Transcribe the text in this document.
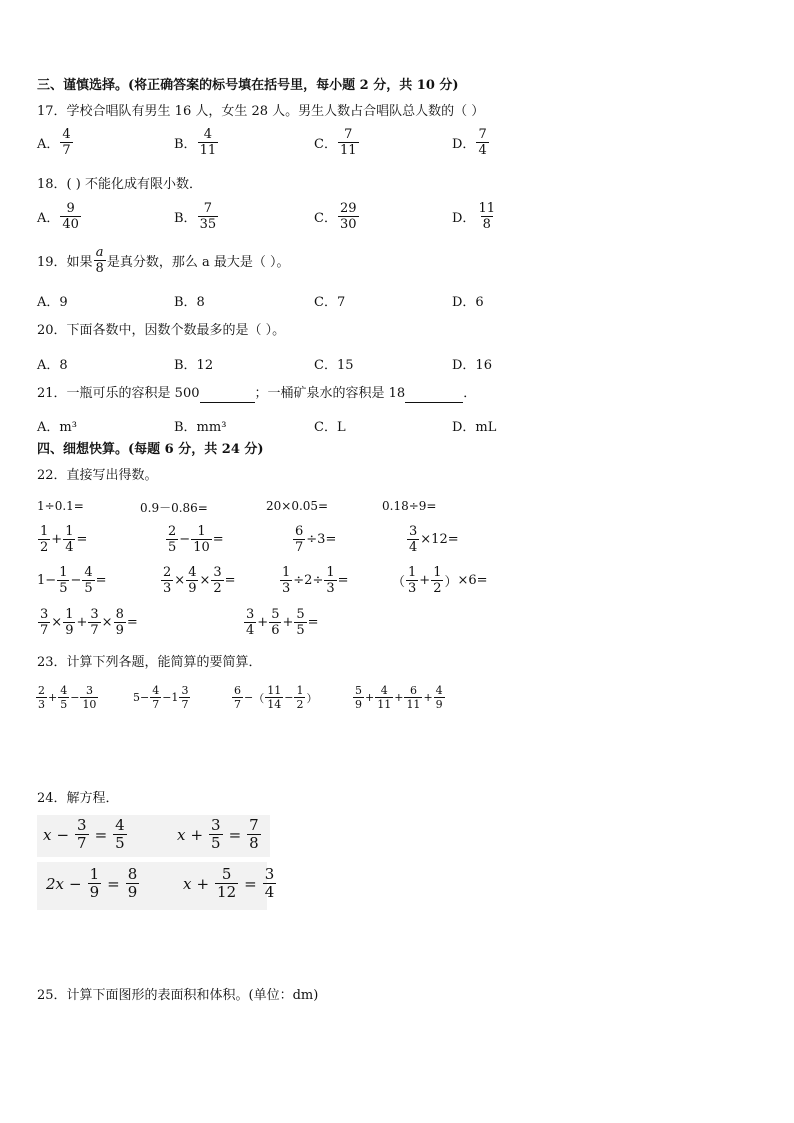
三、谨慎选择。(将正确答案的标号填在括号里，每小题 2 分，共 10 分)
17．学校合唱队有男生 16 人，女生 28 人。男生人数占合唱队总人数的（ ）
A． $\frac{4}{7}$	B． $\frac{4}{11}$	C． $\frac{7}{11}$	D． $\frac{7}{4}$
18．( ) 不能化成有限小数．
A． $\frac{9}{40}$	B． $\frac{7}{35}$	C． $\frac{29}{30}$	D． $\frac{11}{8}$
19．如果 $\frac{a}{8}$ 是真分数，那么 a 最大是（ ）。
A．9	B．8	C．7	D．6
20．下面各数中，因数个数最多的是（ ）。
A．8	B．12	C．15	D．16
21．一瓶可乐的容积是 500	；一桶矿泉水的容积是 18	．
A．m³	B．mm³	C．L	D．mL
四、细想快算。(每题 6 分，共 24 分)
22．直接写出得数。
1÷0.1=	0.9－0.86=	20×0.05=	0.18÷9=
$\frac{1}{2} + \frac{1}{4}$ =	$\frac{2}{5} - \frac{1}{10}$ =	$\frac{6}{7} \div 3=$	$\frac{3}{4} \times 12=$
$1 - \frac{1}{5} - \frac{4}{5}$ =	$\frac{2}{3} \times \frac{4}{9} \times \frac{3}{2}$ =	$\frac{1}{3} \div 2\div \frac{1}{3}$ =	（ $\frac{1}{3} + \frac{1}{2}$ ） ×6=
$\frac{3}{7} \times \frac{1}{9} + \frac{3}{7} \times \frac{8}{9}$ =	$\frac{3}{4} + \frac{5}{6} + \frac{5}{5}$ =
23．计算下列各题，能简算的要简算．
$\frac{2}{3} + \frac{4}{5} - \frac{3}{10}$	$5- \frac{4}{7} -1 \frac{3}{7}$	$\frac{6}{7}$ − （ $\frac{11}{14} - \frac{1}{2}$ ）	$\frac{5}{9} + \frac{4}{11} + \frac{6}{11} + \frac{4}{9}$
24．解方程．
$x - \frac{3}{7} = \frac{4}{5}$	$x + \frac{3}{5} = \frac{7}{8}$
$2x - \frac{1}{9} = \frac{8}{9}$	$x + \frac{5}{12} = \frac{3}{4}$
25．计算下面图形的表面积和体积。(单位：dm)
